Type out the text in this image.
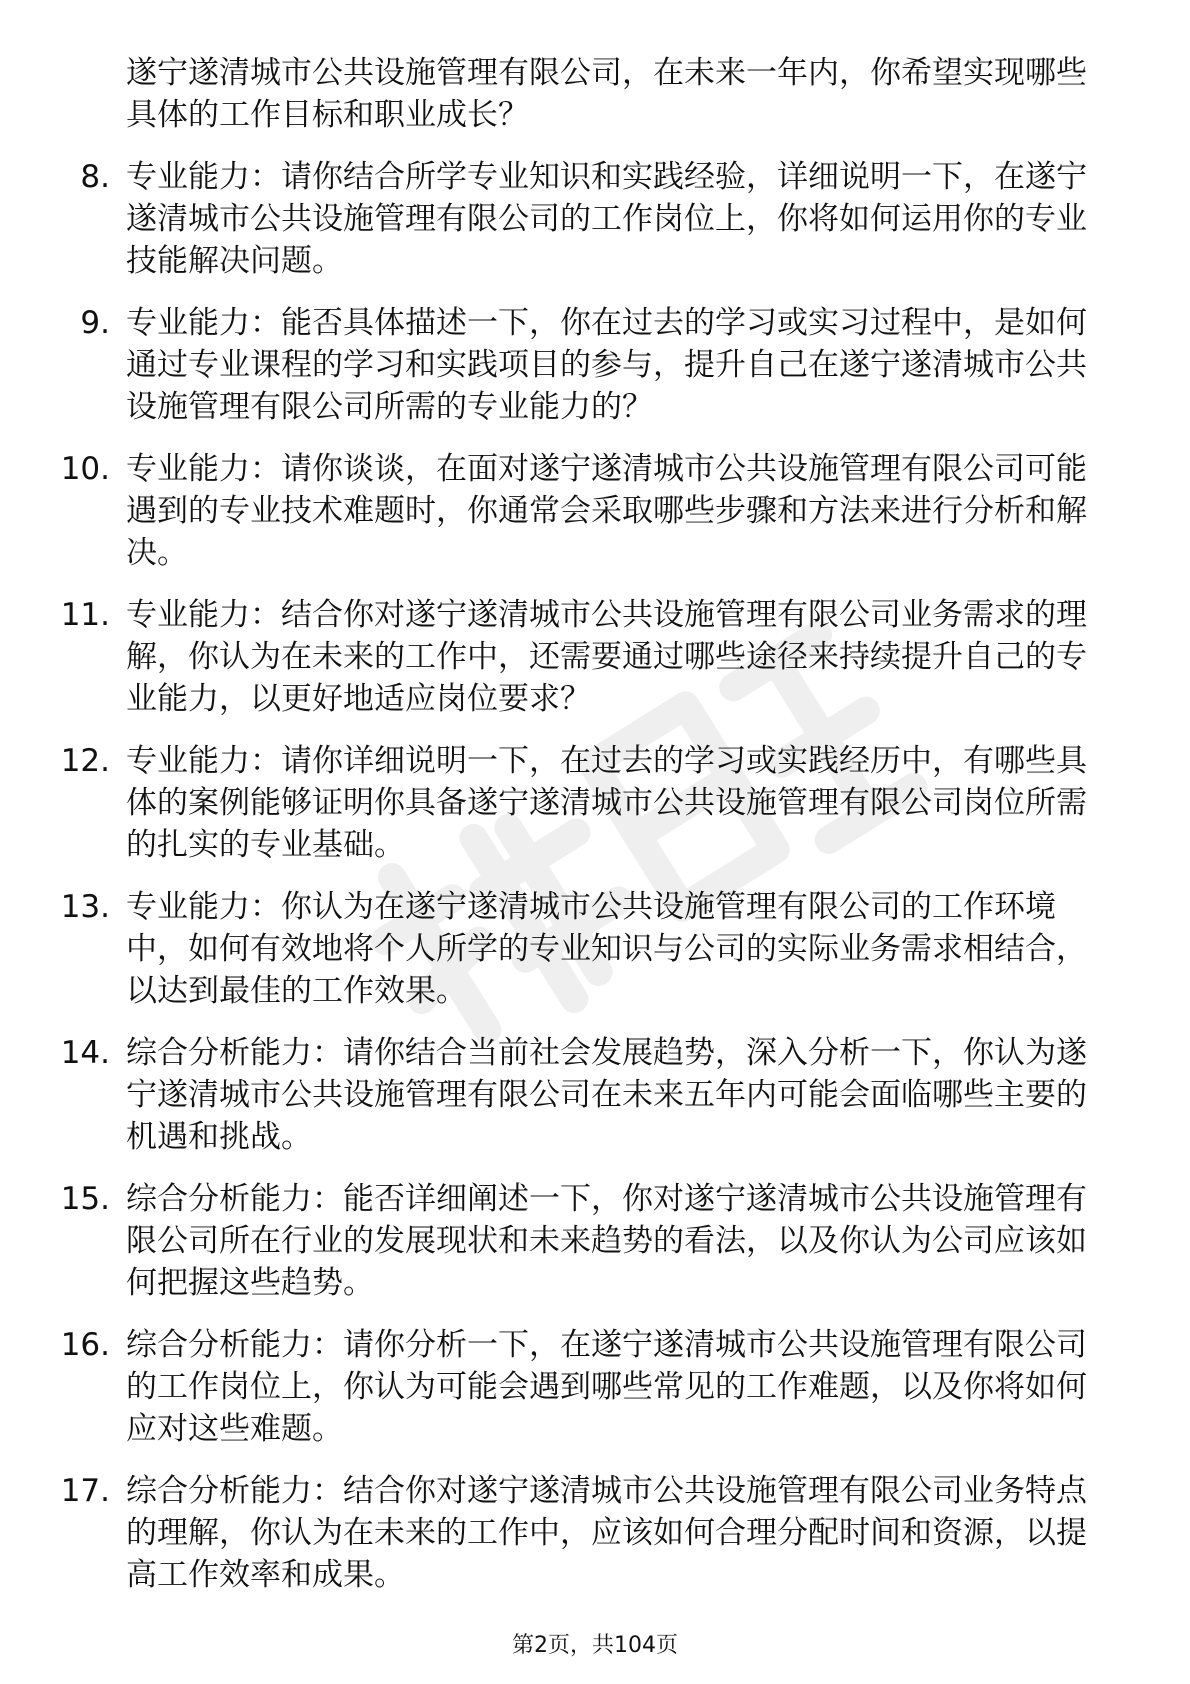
遂宁遂清城市公共设施管理有限公司，在未来一年内，你希望实现哪些具体的工作目标和职业成长？
8. 专业能力：请你结合所学专业知识和实践经验，详细说明一下，在遂宁遂清城市公共设施管理有限公司的工作岗位上，你将如何运用你的专业技能解决问题。
9. 专业能力：能否具体描述一下，你在过去的学习或实习过程中，是如何通过专业课程的学习和实践项目的参与，提升自己在遂宁遂清城市公共设施管理有限公司所需的专业能力的？
10. 专业能力：请你谈谈，在面对遂宁遂清城市公共设施管理有限公司可能遇到的专业技术难题时，你通常会采取哪些步骤和方法来进行分析和解决。
11. 专业能力：结合你对遂宁遂清城市公共设施管理有限公司业务需求的理解，你认为在未来的工作中，还需要通过哪些途径来持续提升自己的专业能力，以更好地适应岗位要求？
12. 专业能力：请你详细说明一下，在过去的学习或实践经历中，有哪些具体的案例能够证明你具备遂宁遂清城市公共设施管理有限公司岗位所需的扎实的专业基础。
13. 专业能力：你认为在遂宁遂清城市公共设施管理有限公司的工作环境中，如何有效地将个人所学的专业知识与公司的实际业务需求相结合，以达到最佳的工作效果。
14. 综合分析能力：请你结合当前社会发展趋势，深入分析一下，你认为遂宁遂清城市公共设施管理有限公司在未来五年内可能会面临哪些主要的机遇和挑战。
15. 综合分析能力：能否详细阐述一下，你对遂宁遂清城市公共设施管理有限公司所在行业的发展现状和未来趋势的看法，以及你认为公司应该如何把握这些趋势。
16. 综合分析能力：请你分析一下，在遂宁遂清城市公共设施管理有限公司的工作岗位上，你认为可能会遇到哪些常见的工作难题，以及你将如何应对这些难题。
17. 综合分析能力：结合你对遂宁遂清城市公共设施管理有限公司业务特点的理解，你认为在未来的工作中，应该如何合理分配时间和资源，以提高工作效率和成果。
第2页，共104页
